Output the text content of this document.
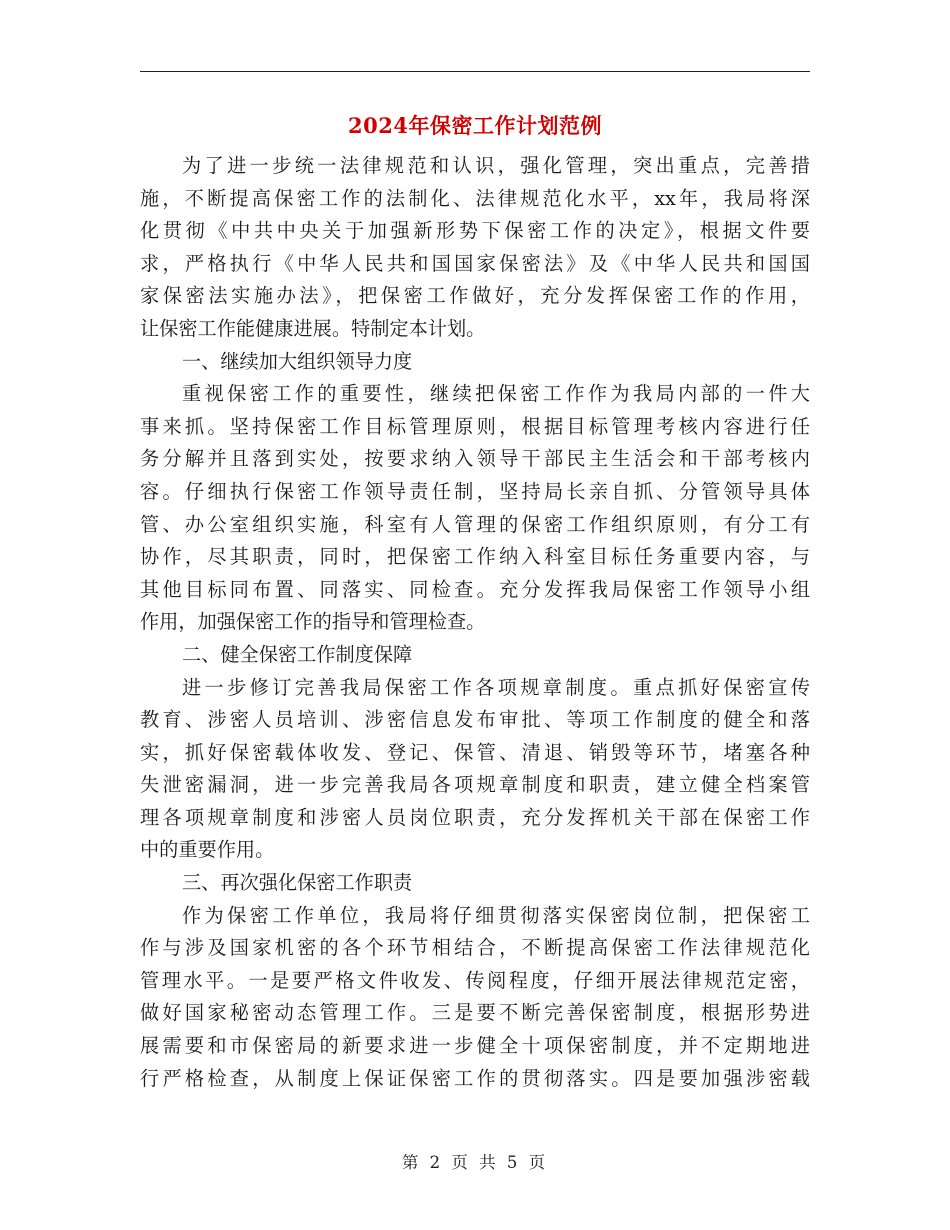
2024年保密工作计划范例
为了进一步统一法律规范和认识，强化管理，突出重点，完善措
施，不断提高保密工作的法制化、法律规范化水平，xx年，我局将深
化贯彻《中共中央关于加强新形势下保密工作的决定》，根据文件要
求，严格执行《中华人民共和国国家保密法》及《中华人民共和国国
家保密法实施办法》，把保密工作做好，充分发挥保密工作的作用，
让保密工作能健康进展。特制定本计划。
一、继续加大组织领导力度
重视保密工作的重要性，继续把保密工作作为我局内部的一件大
事来抓。坚持保密工作目标管理原则，根据目标管理考核内容进行任
务分解并且落到实处，按要求纳入领导干部民主生活会和干部考核内
容。仔细执行保密工作领导责任制，坚持局长亲自抓、分管领导具体
管、办公室组织实施，科室有人管理的保密工作组织原则，有分工有
协作，尽其职责，同时，把保密工作纳入科室目标任务重要内容，与
其他目标同布置、同落实、同检查。充分发挥我局保密工作领导小组
作用，加强保密工作的指导和管理检查。
二、健全保密工作制度保障
进一步修订完善我局保密工作各项规章制度。重点抓好保密宣传
教育、涉密人员培训、涉密信息发布审批、等项工作制度的健全和落
实，抓好保密载体收发、登记、保管、清退、销毁等环节，堵塞各种
失泄密漏洞，进一步完善我局各项规章制度和职责，建立健全档案管
理各项规章制度和涉密人员岗位职责，充分发挥机关干部在保密工作
中的重要作用。
三、再次强化保密工作职责
作为保密工作单位，我局将仔细贯彻落实保密岗位制，把保密工
作与涉及国家机密的各个环节相结合，不断提高保密工作法律规范化
管理水平。一是要严格文件收发、传阅程度，仔细开展法律规范定密，
做好国家秘密动态管理工作。三是要不断完善保密制度，根据形势进
展需要和市保密局的新要求进一步健全十项保密制度，并不定期地进
行严格检查，从制度上保证保密工作的贯彻落实。四是要加强涉密载
第 2 页 共 5 页
